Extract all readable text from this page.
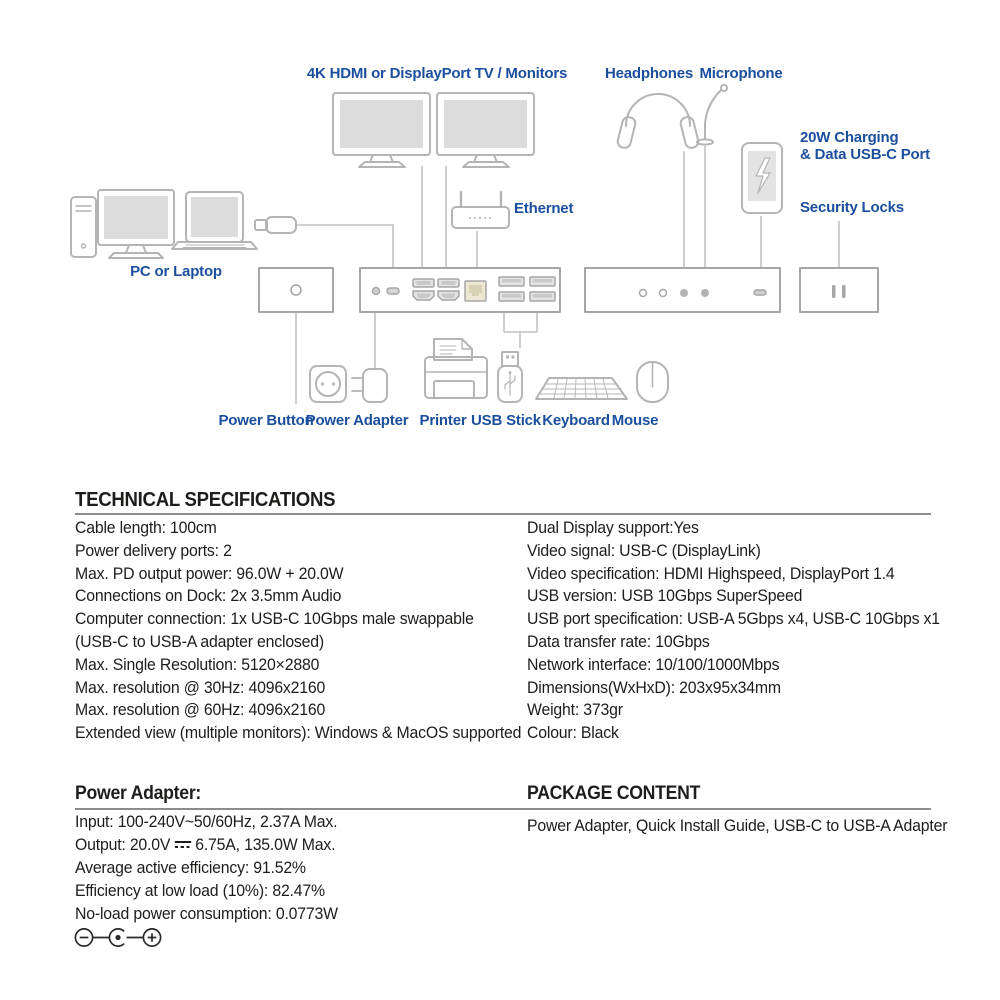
4K HDMI or DisplayPort TV / Monitors	Headphones Microphone
20W Charging
& Data USB-C Port
Security Locks
Ethernet
PC or Laptop
Power Button
Power Adapter Printer USB Stick Keyboard Mouse
TECHNICAL SPECIFICATIONS
Cable length: 100cm
Power delivery ports: 2
Max. PD output power: 96.0W + 20.0W
Connections on Dock: 2x 3.5mm Audio
Computer connection: 1x USB-C 10Gbps male swappable
(USB-C to USB-A adapter enclosed)
Max. Single Resolution: 5120×2880
Max. resolution @ 30Hz: 4096x2160
Max. resolution @ 60Hz: 4096x2160
Extended view (multiple monitors): Windows & MacOS supported
Dual Display support:Yes
Video signal: USB-C (DisplayLink)
Video specification: HDMI Highspeed, DisplayPort 1.4
USB version: USB 10Gbps SuperSpeed
USB port specification: USB-A 5Gbps x4, USB-C 10Gbps x1
Data transfer rate: 10Gbps
Network interface: 10/100/1000Mbps
Dimensions(WxHxD): 203x95x34mm
Weight: 373gr
Colour: Black
Power Adapter:	PACKAGE CONTENT
Input: 100-240V~50/60Hz, 2.37A Max.
Output: 20.0V 6.75A, 135.0W Max.
Average active efficiency: 91.52%
Efficiency at low load (10%): 82.47%
No-load power consumption: 0.0773W
Power Adapter, Quick Install Guide, USB-C to USB-A Adapter
